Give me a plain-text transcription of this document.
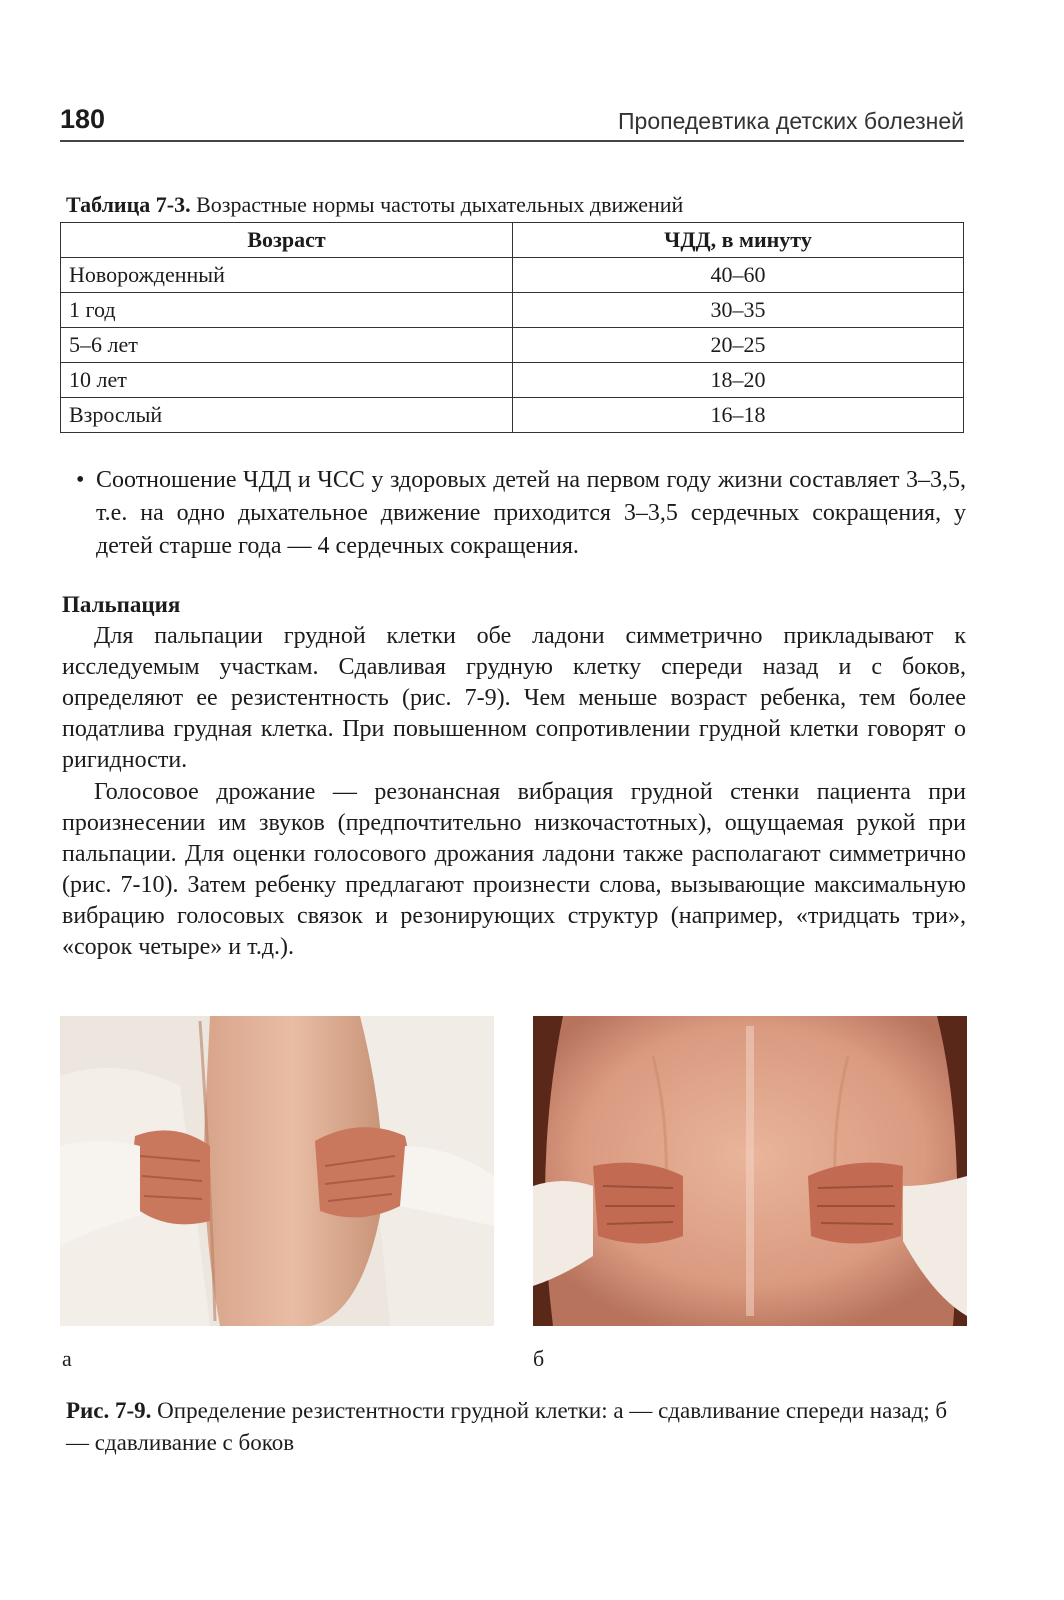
180	Пропедевтика детских болезней
Таблица 7-3. Возрастные нормы частоты дыхательных движений
Возраст	ЧДД, в минуту
Новорожденный	40–60
1 год	30–35
5–6 лет	20–25
10 лет	18–20
Взрослый	16–18
• Соотношение ЧДД и ЧСС у здоровых детей на первом году жизни составляет 3–3,5, т.е. на одно дыхательное движение приходится 3–3,5 сердечных сокращения, у детей старше года — 4 сердечных сокращения.
Пальпация

Для пальпации грудной клетки обе ладони симметрично прикладывают к исследуемым участкам. Сдавливая грудную клетку спереди назад и с боков, определяют ее резистентность (рис. 7-9). Чем меньше возраст ребенка, тем более податлива грудная клетка. При повышенном сопротивлении грудной клетки говорят о ригидности.

Голосовое дрожание — резонансная вибрация грудной стенки пациента при произнесении им звуков (предпочтительно низкочастотных), ощущаемая рукой при пальпации. Для оценки голосового дрожания ладони также располагают симметрично (рис. 7-10). Затем ребенку предлагают произнести слова, вызывающие максимальную вибрацию голосовых связок и резонирующих структур (например, «тридцать три», «сорок четыре» и т.д.).

а	б
Рис. 7-9. Определение резистентности грудной клетки: а — сдавливание спереди назад; б — сдавливание с боков
